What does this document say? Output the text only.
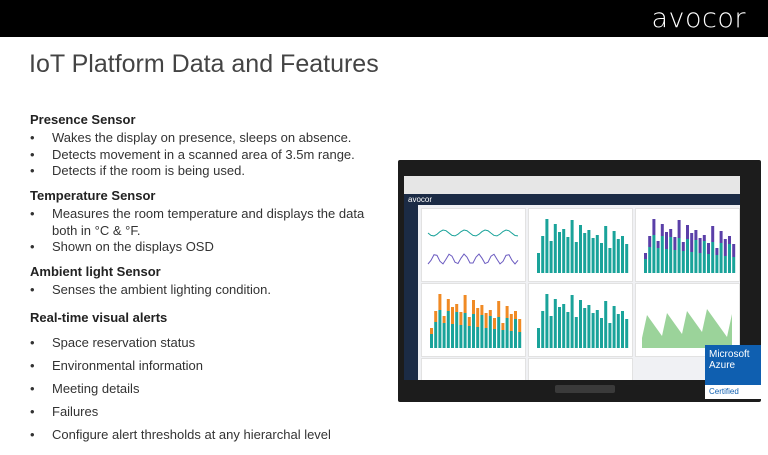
avocor
IoT Platform Data and Features
Presence Sensor
• Wakes the display on presence, sleeps on absence.
• Detects movement in a scanned area of 3.5m range.
• Detects if the room is being used.
Temperature Sensor
• Measures the room temperature and displays the data both in °C & °F.
• Shown on the displays OSD
Ambient light Sensor
• Senses the ambient lighting condition.
Real-time visual alerts
• Space reservation status
• Environmental information
• Meeting details
• Failures
• Configure alert thresholds at any hierarchal level
avocor
Microsoft
Azure
Certified
